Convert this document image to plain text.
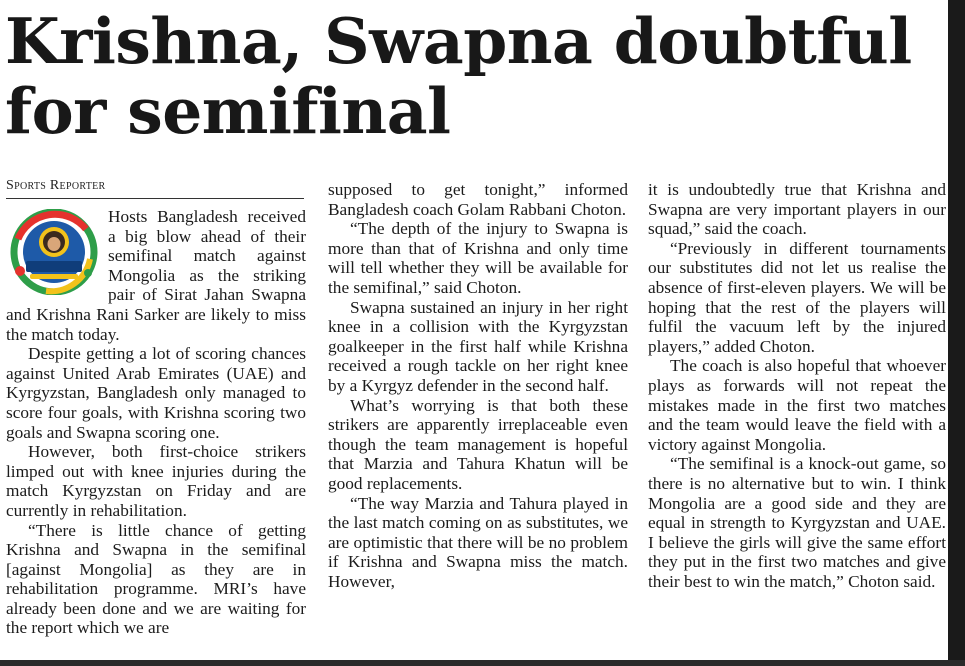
Krishna, Swapna doubtful for semifinal
Sports Reporter

Hosts Bangladesh received a big blow ahead of their semifinal match against Mongolia as the striking pair of Sirat Jahan Swapna and Krishna Rani Sarker are likely to miss the match today.

Despite getting a lot of scoring chances against United Arab Emirates (UAE) and Kyrgyzstan, Bangladesh only managed to score four goals, with Krishna scoring two goals and Swapna scoring one.

However, both first-choice strikers limped out with knee injuries during the match Kyrgyzstan on Friday and are currently in rehabilitation.

“There is little chance of getting Krishna and Swapna in the semifinal [against Mongolia] as they are in rehabilitation programme. MRI’s have already been done and we are waiting for the report which we are

supposed to get tonight,” informed Bangladesh coach Golam Rabbani Choton.

“The depth of the injury to Swapna is more than that of Krishna and only time will tell whether they will be available for the semifinal,” said Choton.

Swapna sustained an injury in her right knee in a collision with the Kyrgyzstan goalkeeper in the first half while Krishna received a rough tackle on her right knee by a Kyrgyz defender in the second half.

What’s worrying is that both these strikers are apparently irreplaceable even though the team management is hopeful that Marzia and Tahura Khatun will be good replacements.

“The way Marzia and Tahura played in the last match coming on as substitutes, we are optimistic that there will be no problem if Krishna and Swapna miss the match. However,

it is undoubtedly true that Krishna and Swapna are very important players in our squad,” said the coach.

“Previously in different tournaments our substitutes did not let us realise the absence of first-eleven players. We will be hoping that the rest of the players will fulfil the vacuum left by the injured players,” added Choton.

The coach is also hopeful that whoever plays as forwards will not repeat the mistakes made in the first two matches and the team would leave the field with a victory against Mongolia.

“The semifinal is a knock-out game, so there is no alternative but to win. I think Mongolia are a good side and they are equal in strength to Kyrgyzstan and UAE. I believe the girls will give the same effort they put in the first two matches and give their best to win the match,” Choton said.
